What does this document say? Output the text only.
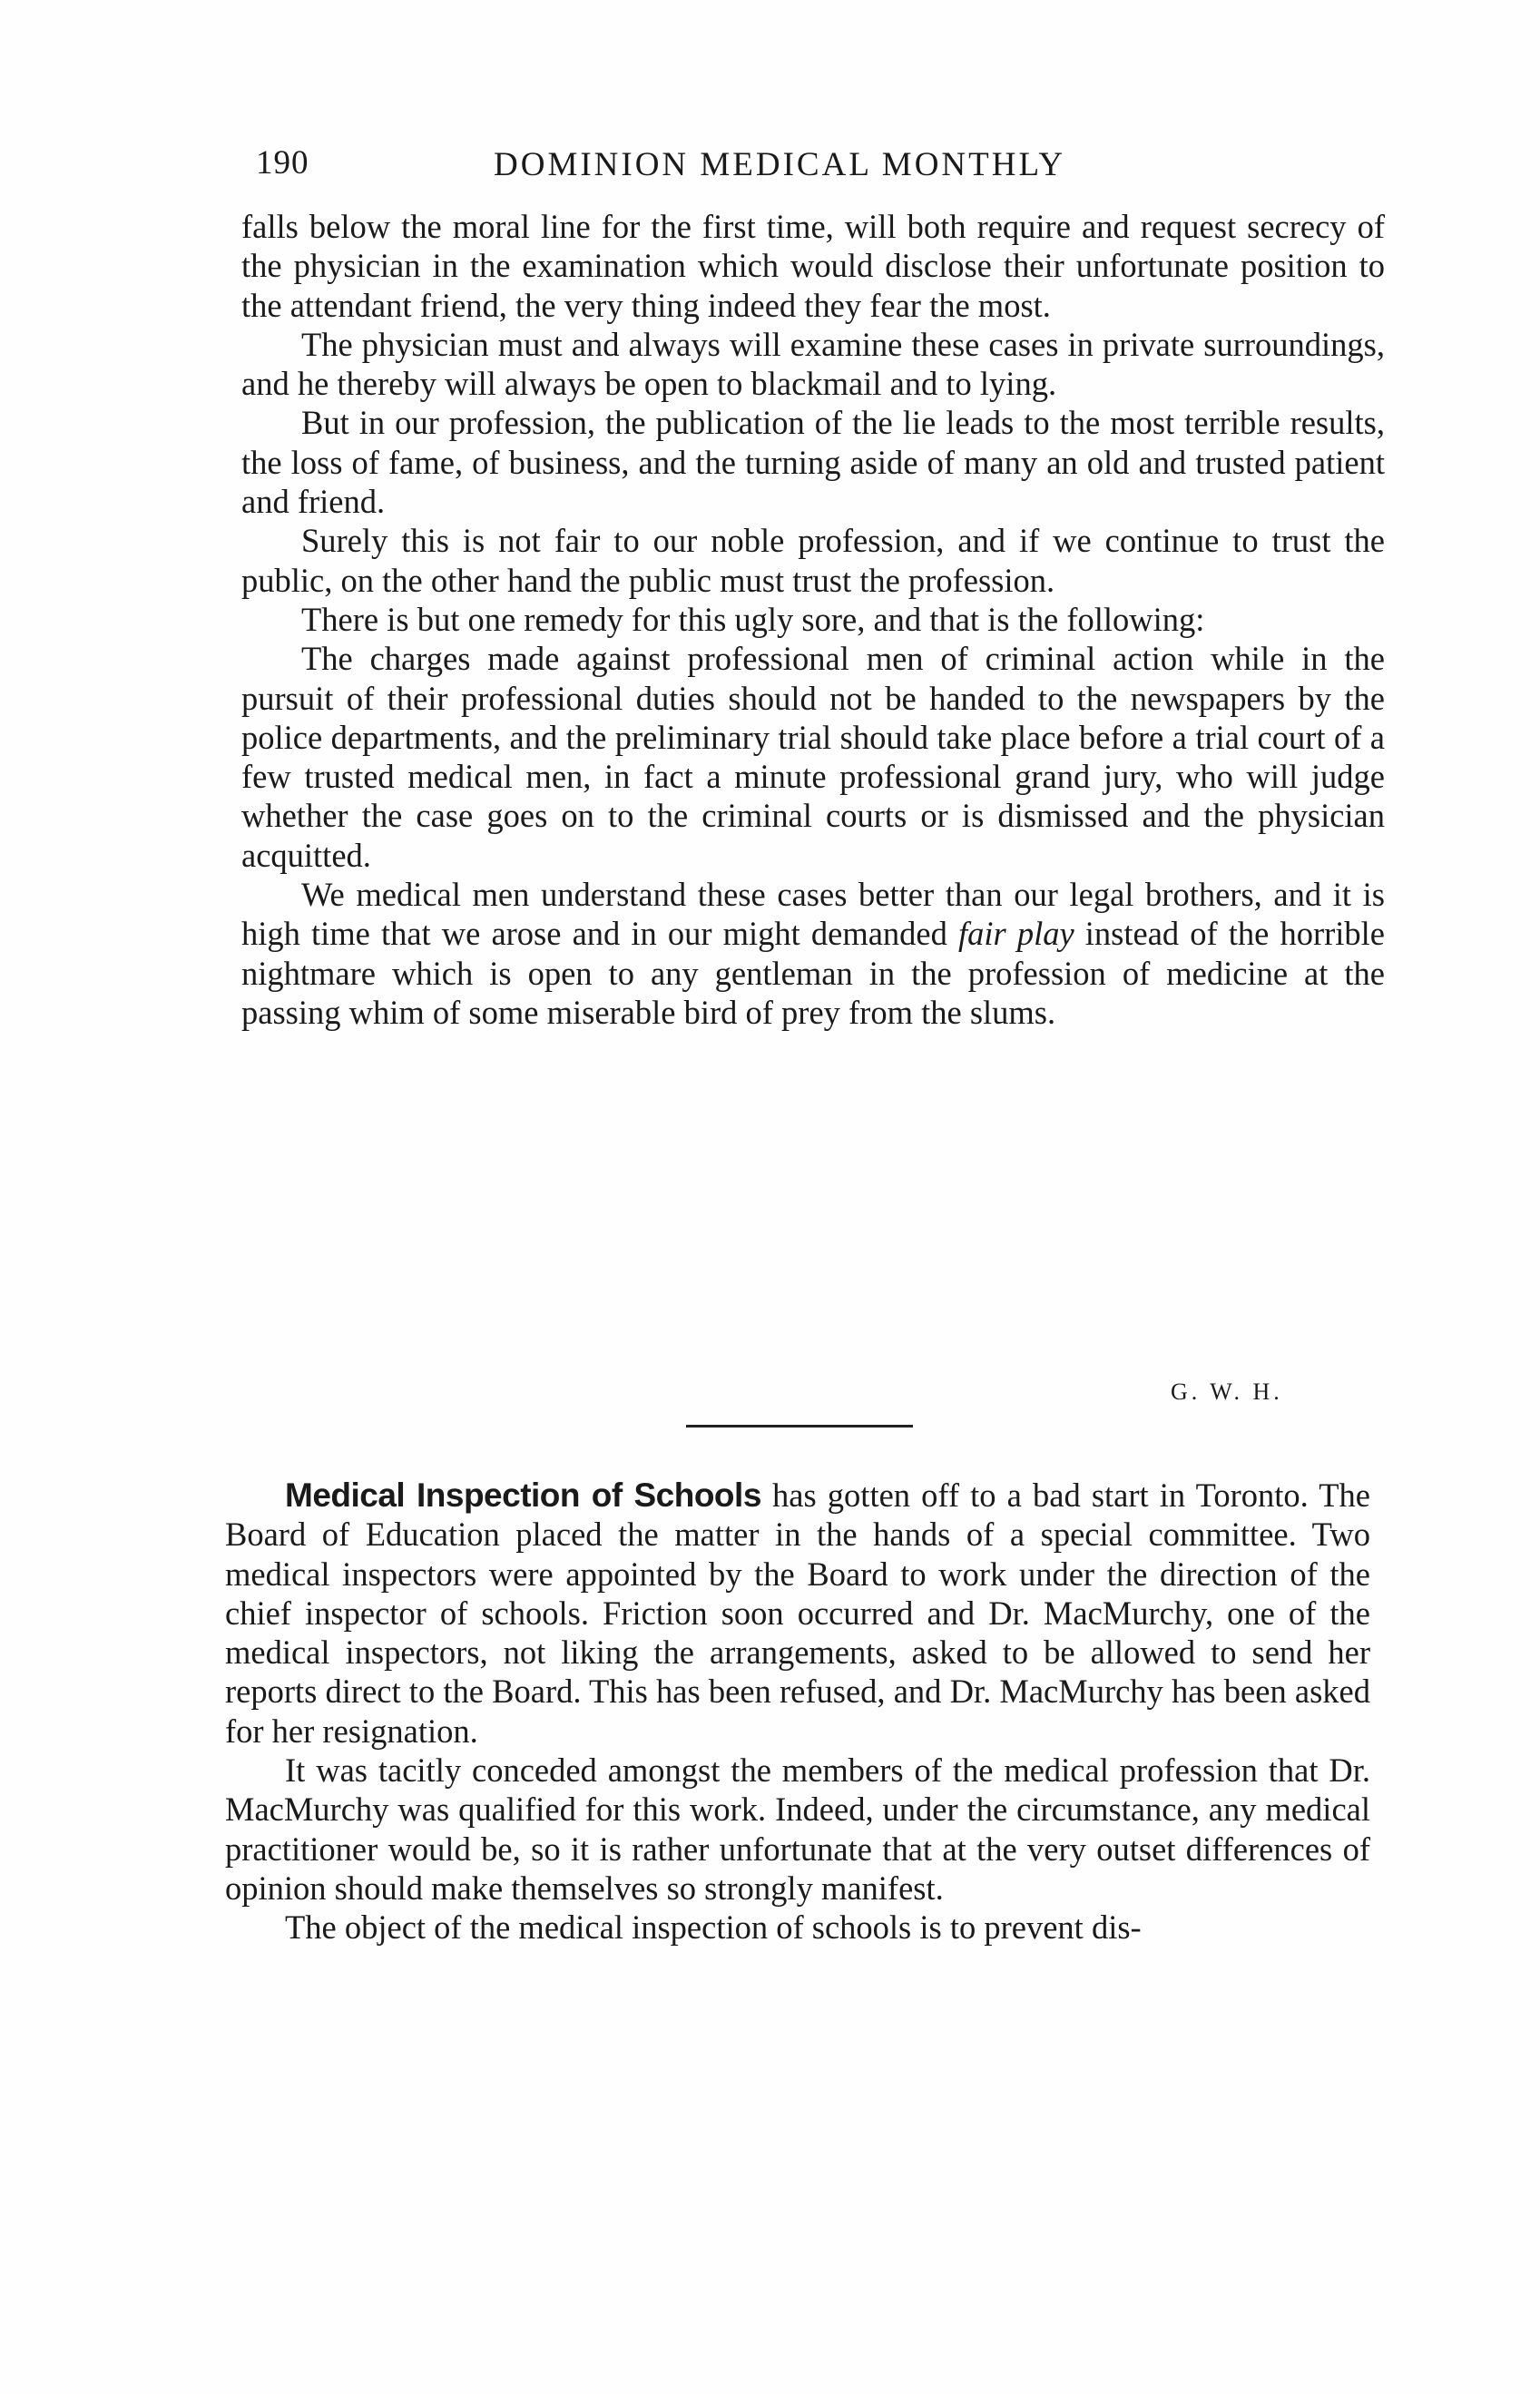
190	DOMINION MEDICAL MONTHLY

falls below the moral line for the first time, will both require and request secrecy of the physician in the examination which would disclose their unfortunate position to the attendant friend, the very thing indeed they fear the most.

The physician must and always will examine these cases in private surroundings, and he thereby will always be open to blackmail and to lying.

But in our profession, the publication of the lie leads to the most terrible results, the loss of fame, of business, and the turning aside of many an old and trusted patient and friend.

Surely this is not fair to our noble profession, and if we continue to trust the public, on the other hand the public must trust the profession.

There is but one remedy for this ugly sore, and that is the following:

The charges made against professional men of criminal action while in the pursuit of their professional duties should not be handed to the newspapers by the police departments, and the preliminary trial should take place before a trial court of a few trusted medical men, in fact a minute professional grand jury, who will judge whether the case goes on to the criminal courts or is dismissed and the physician acquitted.

We medical men understand these cases better than our legal brothers, and it is high time that we arose and in our might demanded fair play instead of the horrible nightmare which is open to any gentleman in the profession of medicine at the passing whim of some miserable bird of prey from the slums.

G. W. H.

Medical Inspection of Schools has gotten off to a bad start in Toronto. The Board of Education placed the matter in the hands of a special committee. Two medical inspectors were appointed by the Board to work under the direction of the chief inspector of schools. Friction soon occurred and Dr. MacMurchy, one of the medical inspectors, not liking the arrangements, asked to be allowed to send her reports direct to the Board. This has been refused, and Dr. MacMurchy has been asked for her resignation.

It was tacitly conceded amongst the members of the medical profession that Dr. MacMurchy was qualified for this work. Indeed, under the circumstance, any medical practitioner would be, so it is rather unfortunate that at the very outset differences of opinion should make themselves so strongly manifest.

The object of the medical inspection of schools is to prevent dis-
